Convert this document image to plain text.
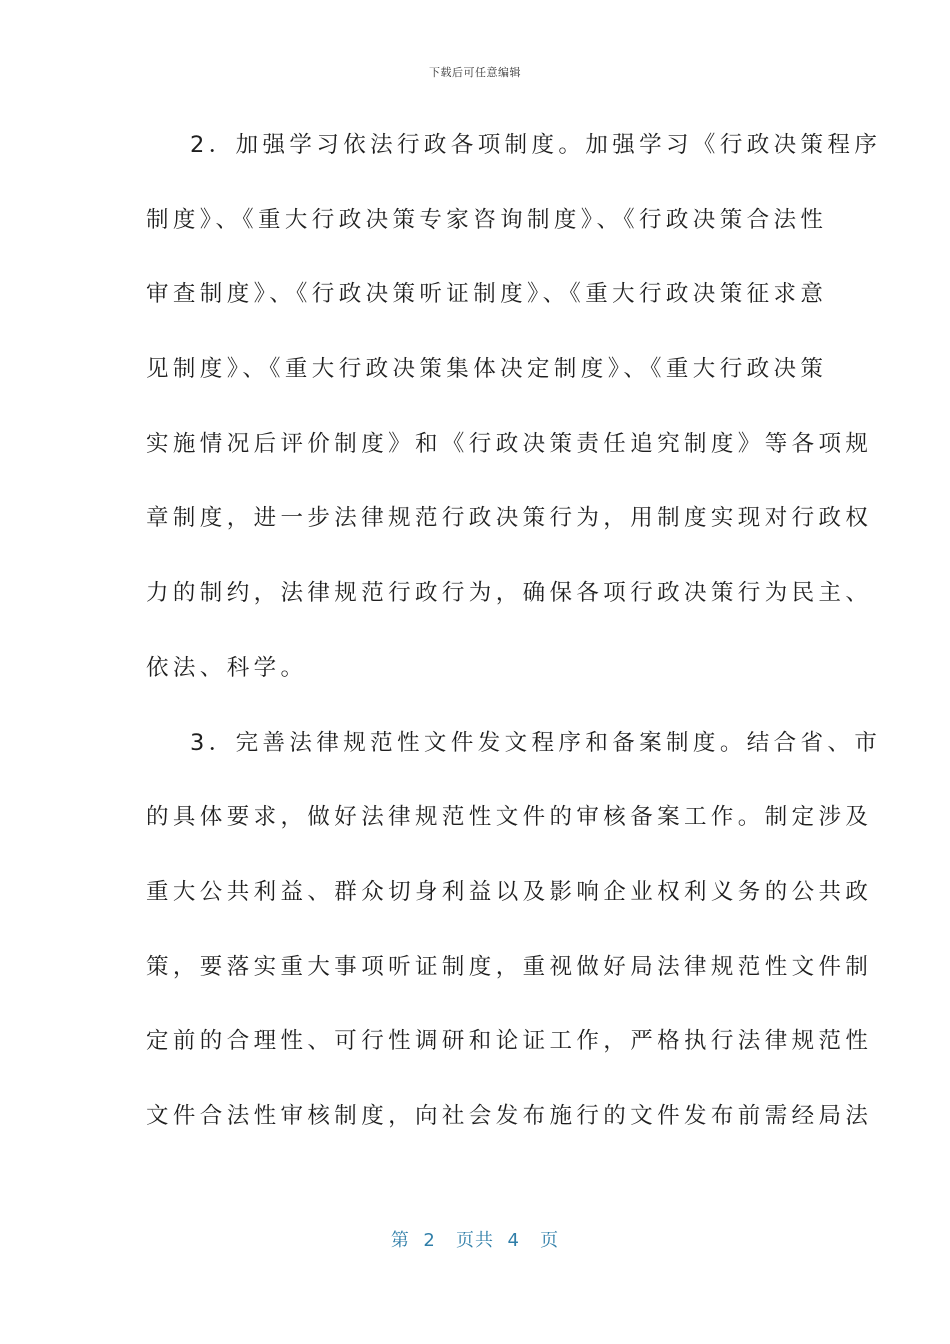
下载后可任意编辑
2．加强学习依法行政各项制度。加强学习《行政决策程序
制度》、《重大行政决策专家咨询制度》、《行政决策合法性
审查制度》、《行政决策听证制度》、《重大行政决策征求意
见制度》、《重大行政决策集体决定制度》、《重大行政决策
实施情况后评价制度》和《行政决策责任追究制度》等各项规
章制度，进一步法律规范行政决策行为，用制度实现对行政权
力的制约，法律规范行政行为，确保各项行政决策行为民主、
依法、科学。
3．完善法律规范性文件发文程序和备案制度。结合省、市
的具体要求，做好法律规范性文件的审核备案工作。制定涉及
重大公共利益、群众切身利益以及影响企业权利义务的公共政
策，要落实重大事项听证制度，重视做好局法律规范性文件制
定前的合理性、可行性调研和论证工作，严格执行法律规范性
文件合法性审核制度，向社会发布施行的文件发布前需经局法
第 2 页共 4 页
